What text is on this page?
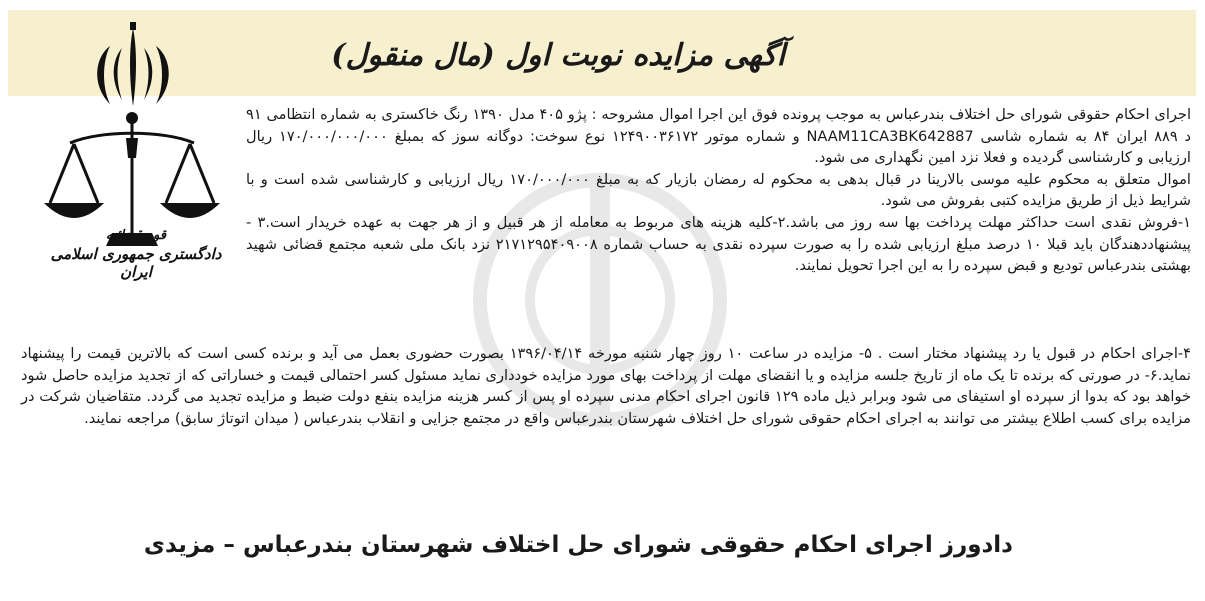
آگهی مزایده نوبت اول (مال منقول)
قوه قضائیه
دادگستری جمهوری اسلامی ایران

اجرای احکام حقوقی شورای حل اختلاف بندرعباس به موجب پرونده فوق این اجرا اموال مشروحه : پژو ۴۰۵ مدل ۱۳۹۰ رنگ خاکستری به شماره انتظامی ۹۱ د ۸۸۹ ایران ۸۴ به شماره شاسی NAAM11CA3BK642887 و شماره موتور ۱۲۴۹۰۰۳۶۱۷۲ نوع سوخت: دوگانه سوز که بمبلغ ۱۷۰/۰۰۰/۰۰۰/۰۰۰ ریال ارزیابی و کارشناسی گردیده و فعلا نزد امین نگهداری می شود.

اموال متعلق به محکوم علیه موسی بالارینا در قبال بدهی به محکوم له رمضان بازیار که به مبلغ ۱۷۰/۰۰۰/۰۰۰ ریال ارزیابی و کارشناسی شده است و با شرایط ذیل از طریق مزایده کتبی بفروش می شود.

۱-فروش نقدی است حداکثر مهلت پرداخت بها سه روز می باشد.۲-کلیه هزینه های مربوط به معامله از هر قبیل و از هر جهت به عهده خریدار است.۳ - پیشنهاددهندگان باید قبلا ۱۰ درصد مبلغ ارزیابی شده را به صورت سپرده نقدی به حساب شماره ۲۱۷۱۲۹۵۴۰۹۰۰۸ نزد بانک ملی شعبه مجتمع قضائی شهید بهشتی بندرعباس تودیع و قبض سپرده را به این اجرا تحویل نمایند.

۴-اجرای احکام در قبول یا رد پیشنهاد مختار است . ۵- مزایده در ساعت ۱۰ روز چهار شنبه مورخه ۱۳۹۶/۰۴/۱۴ بصورت حضوری بعمل می آید و برنده کسی است که بالاترین قیمت را پیشنهاد نماید.۶- در صورتی که برنده تا یک ماه از تاریخ جلسه مزایده و یا انقضای مهلت از پرداخت بهای مورد مزایده خودداری نماید مسئول کسر احتمالی قیمت و خساراتی که از تجدید مزایده حاصل شود خواهد بود که بدوا از سپرده او استیفای می شود وبرابر ذیل ماده ۱۲۹ قانون اجرای احکام مدنی سپرده او پس از کسر هزینه مزایده بنفع دولت ضبط و مزایده تجدید می گردد. متقاضیان شرکت در مزایده برای کسب اطلاع بیشتر می توانند به اجرای احکام حقوقی شورای حل اختلاف شهرستان بندرعباس واقع در مجتمع جزایی و انقلاب بندرعباس ( میدان اتوتاژ سابق) مراجعه نمایند.

دادورز اجرای احکام حقوقی شورای حل اختلاف شهرستان بندرعباس – مزیدی
